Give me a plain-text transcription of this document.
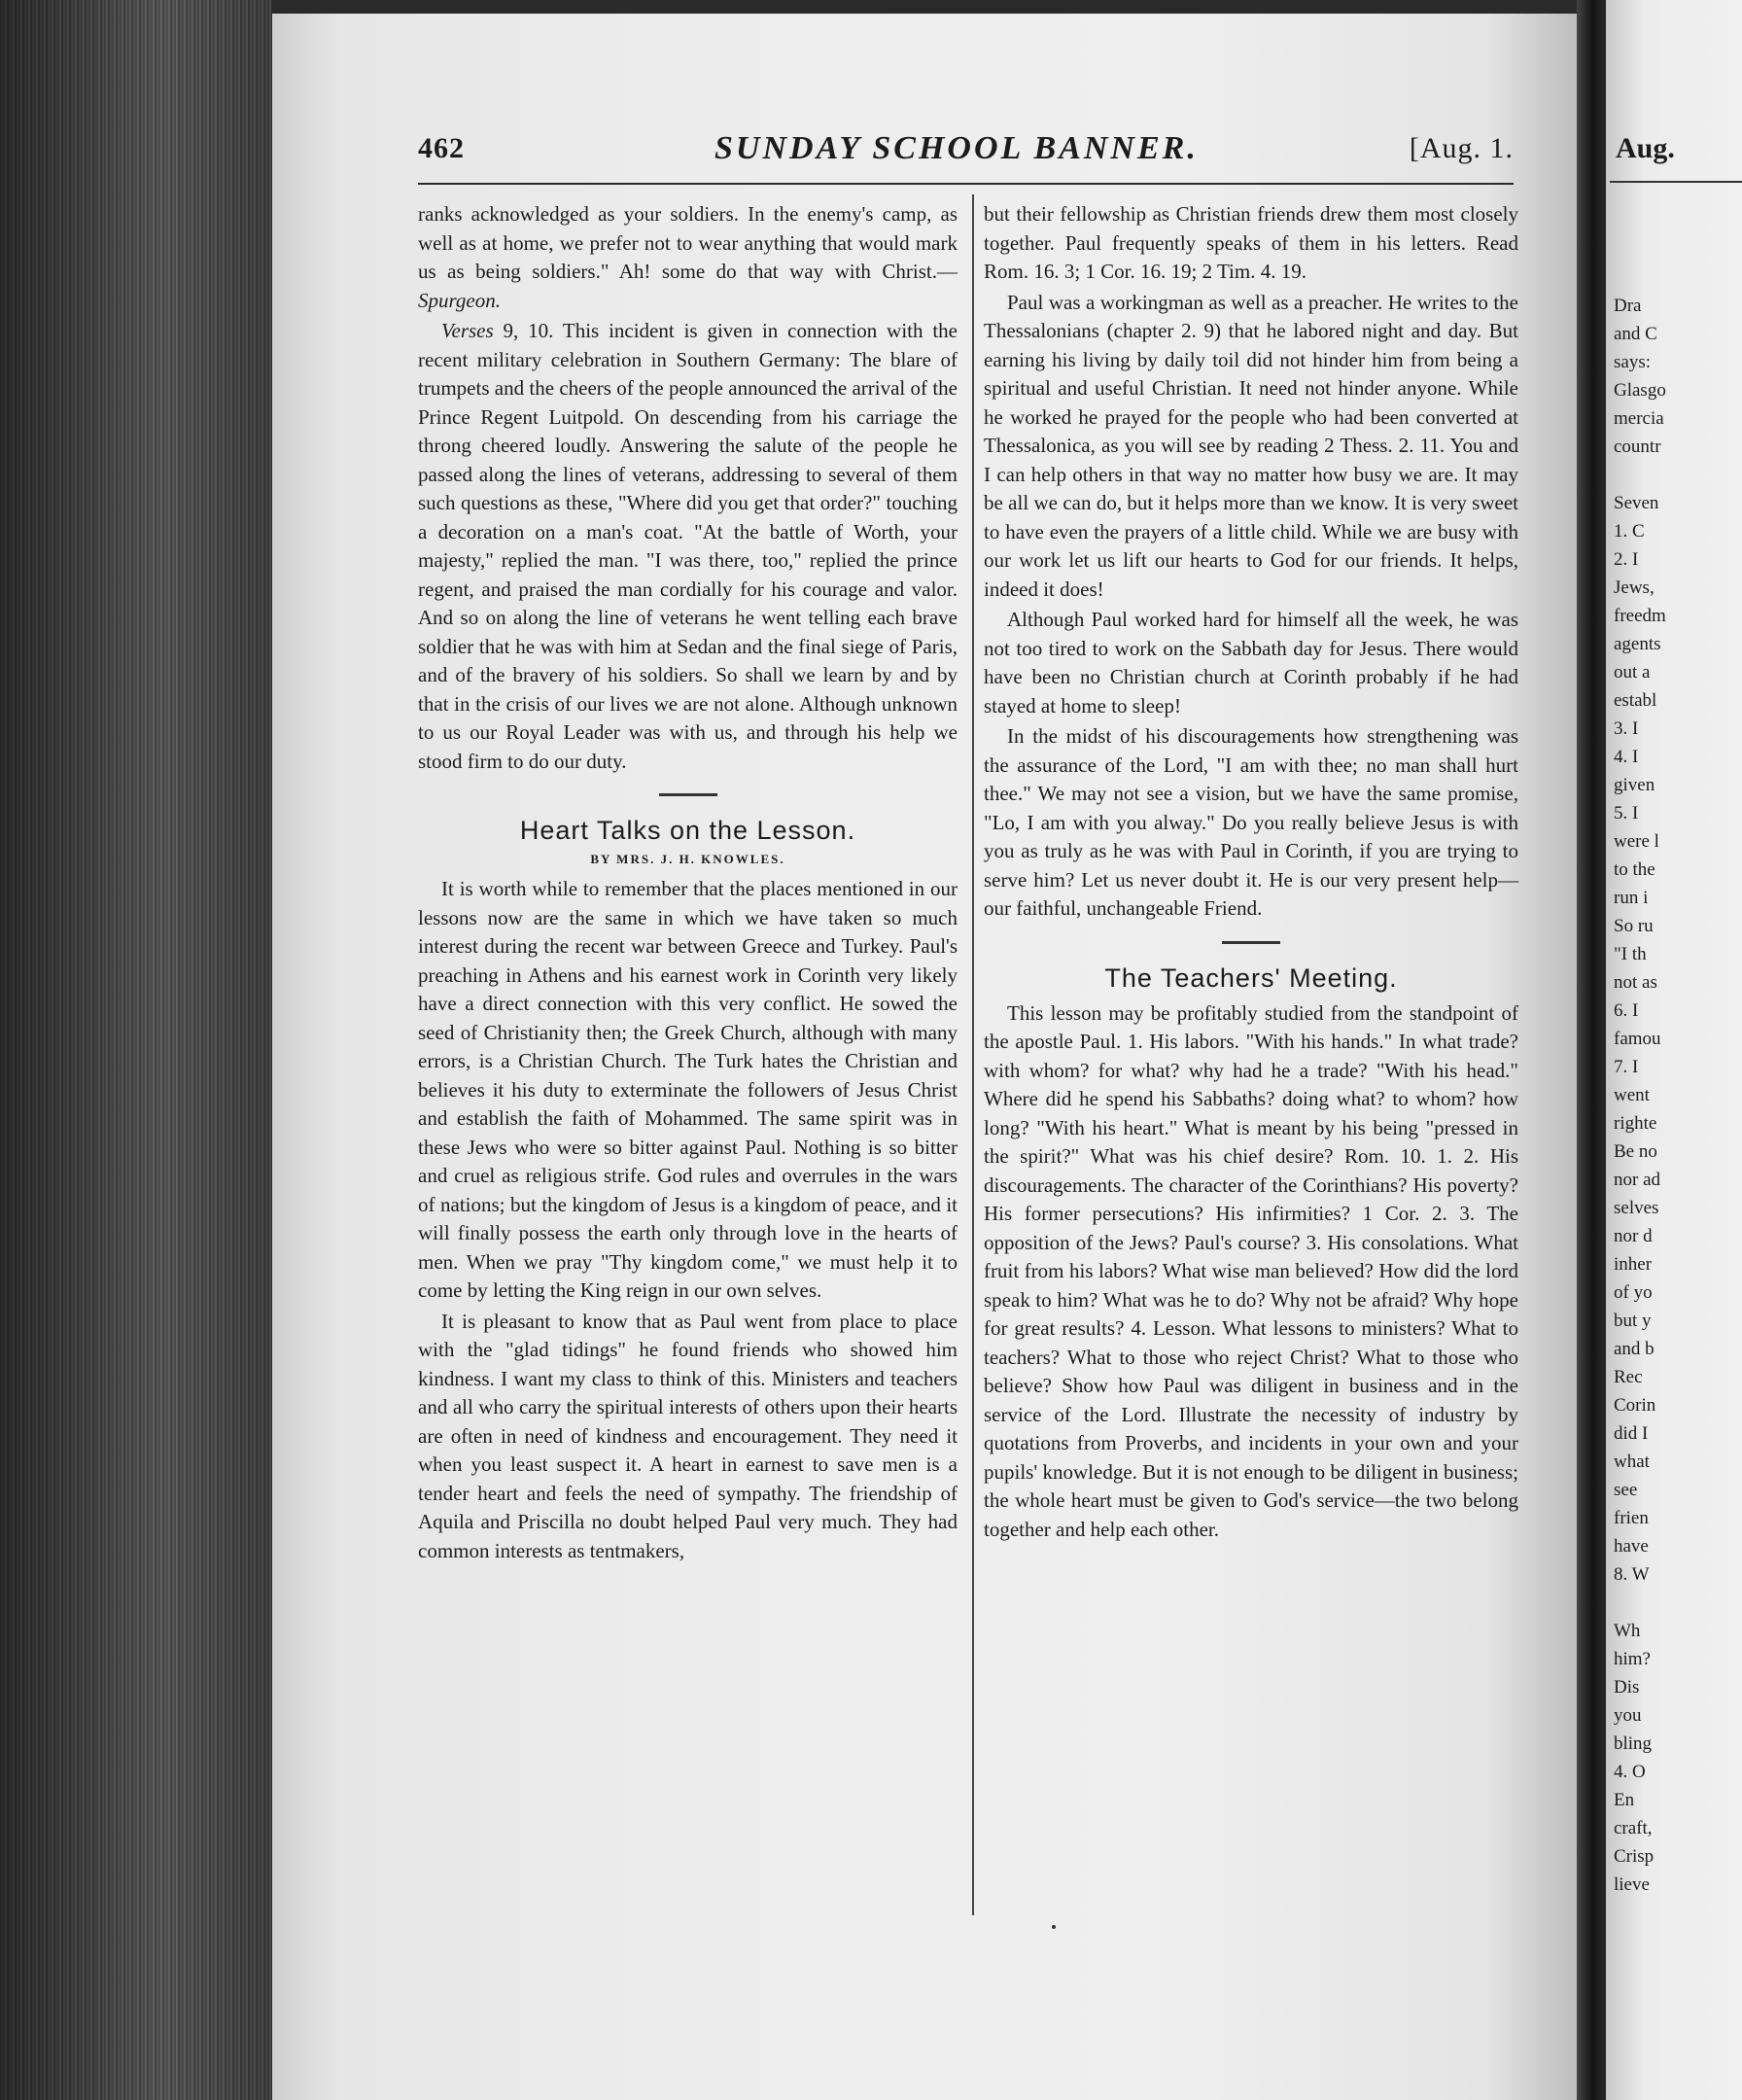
Aug.
Dra
and C
says:
Glasgo
mercia
countr

Seven
1. C
2. I
Jews,
freedm
agents
out a
establ
3. I
4. I
given
5. I
were l
to the
run i
So ru
"I th
not as
6. I
famou
7. I
went
righte
Be no
nor ad
selves
nor d
inher
of yo
but y
and b
Rec
Corin
did I
what
see
frien
have
8. W

Wh
him?
Dis
you
bling
4. O
En
craft,
Crisp
lieve
462	SUNDAY SCHOOL BANNER.	[Aug. 1.

ranks acknowledged as your soldiers. In the enemy's camp, as well as at home, we prefer not to wear anything that would mark us as being soldiers." Ah! some do that way with Christ.— Spurgeon.

Verses 9, 10. This incident is given in connection with the recent military celebration in Southern Germany: The blare of trumpets and the cheers of the people announced the arrival of the Prince Regent Luitpold. On descending from his carriage the throng cheered loudly. Answering the salute of the people he passed along the lines of veterans, addressing to several of them such questions as these, "Where did you get that order?" touching a decoration on a man's coat. "At the battle of Worth, your majesty," replied the man. "I was there, too," replied the prince regent, and praised the man cordially for his courage and valor. And so on along the line of veterans he went telling each brave soldier that he was with him at Sedan and the final siege of Paris, and of the bravery of his soldiers. So shall we learn by and by that in the crisis of our lives we are not alone. Although unknown to us our Royal Leader was with us, and through his help we stood firm to do our duty.

Heart Talks on the Lesson.
BY MRS. J. H. KNOWLES.

It is worth while to remember that the places mentioned in our lessons now are the same in which we have taken so much interest during the recent war between Greece and Turkey. Paul's preaching in Athens and his earnest work in Corinth very likely have a direct connection with this very conflict. He sowed the seed of Christianity then; the Greek Church, although with many errors, is a Christian Church. The Turk hates the Christian and believes it his duty to exterminate the followers of Jesus Christ and establish the faith of Mohammed. The same spirit was in these Jews who were so bitter against Paul. Nothing is so bitter and cruel as religious strife. God rules and overrules in the wars of nations; but the kingdom of Jesus is a kingdom of peace, and it will finally possess the earth only through love in the hearts of men. When we pray "Thy kingdom come," we must help it to come by letting the King reign in our own selves.

It is pleasant to know that as Paul went from place to place with the "glad tidings" he found friends who showed him kindness. I want my class to think of this. Ministers and teachers and all who carry the spiritual interests of others upon their hearts are often in need of kindness and encouragement. They need it when you least suspect it. A heart in earnest to save men is a tender heart and feels the need of sympathy. The friendship of Aquila and Priscilla no doubt helped Paul very much. They had common interests as tentmakers,

but their fellowship as Christian friends drew them most closely together. Paul frequently speaks of them in his letters. Read Rom. 16. 3; 1 Cor. 16. 19; 2 Tim. 4. 19.

Paul was a workingman as well as a preacher. He writes to the Thessalonians (chapter 2. 9) that he labored night and day. But earning his living by daily toil did not hinder him from being a spiritual and useful Christian. It need not hinder anyone. While he worked he prayed for the people who had been converted at Thessalonica, as you will see by reading 2 Thess. 2. 11. You and I can help others in that way no matter how busy we are. It may be all we can do, but it helps more than we know. It is very sweet to have even the prayers of a little child. While we are busy with our work let us lift our hearts to God for our friends. It helps, indeed it does!

Although Paul worked hard for himself all the week, he was not too tired to work on the Sabbath day for Jesus. There would have been no Christian church at Corinth probably if he had stayed at home to sleep!

In the midst of his discouragements how strengthening was the assurance of the Lord, "I am with thee; no man shall hurt thee." We may not see a vision, but we have the same promise, "Lo, I am with you alway." Do you really believe Jesus is with you as truly as he was with Paul in Corinth, if you are trying to serve him? Let us never doubt it. He is our very present help—our faithful, unchangeable Friend.

The Teachers' Meeting.

This lesson may be profitably studied from the standpoint of the apostle Paul. 1. His labors. "With his hands." In what trade? with whom? for what? why had he a trade? "With his head." Where did he spend his Sabbaths? doing what? to whom? how long? "With his heart." What is meant by his being "pressed in the spirit?" What was his chief desire? Rom. 10. 1. 2. His discouragements. The character of the Corinthians? His poverty? His former persecutions? His infirmities? 1 Cor. 2. 3. The opposition of the Jews? Paul's course? 3. His consolations. What fruit from his labors? What wise man believed? How did the lord speak to him? What was he to do? Why not be afraid? Why hope for great results? 4. Lesson. What lessons to ministers? What to teachers? What to those who reject Christ? What to those who believe? Show how Paul was diligent in business and in the service of the Lord. Illustrate the necessity of industry by quotations from Proverbs, and incidents in your own and your pupils' knowledge. But it is not enough to be diligent in business; the whole heart must be given to God's service—the two belong together and help each other.
